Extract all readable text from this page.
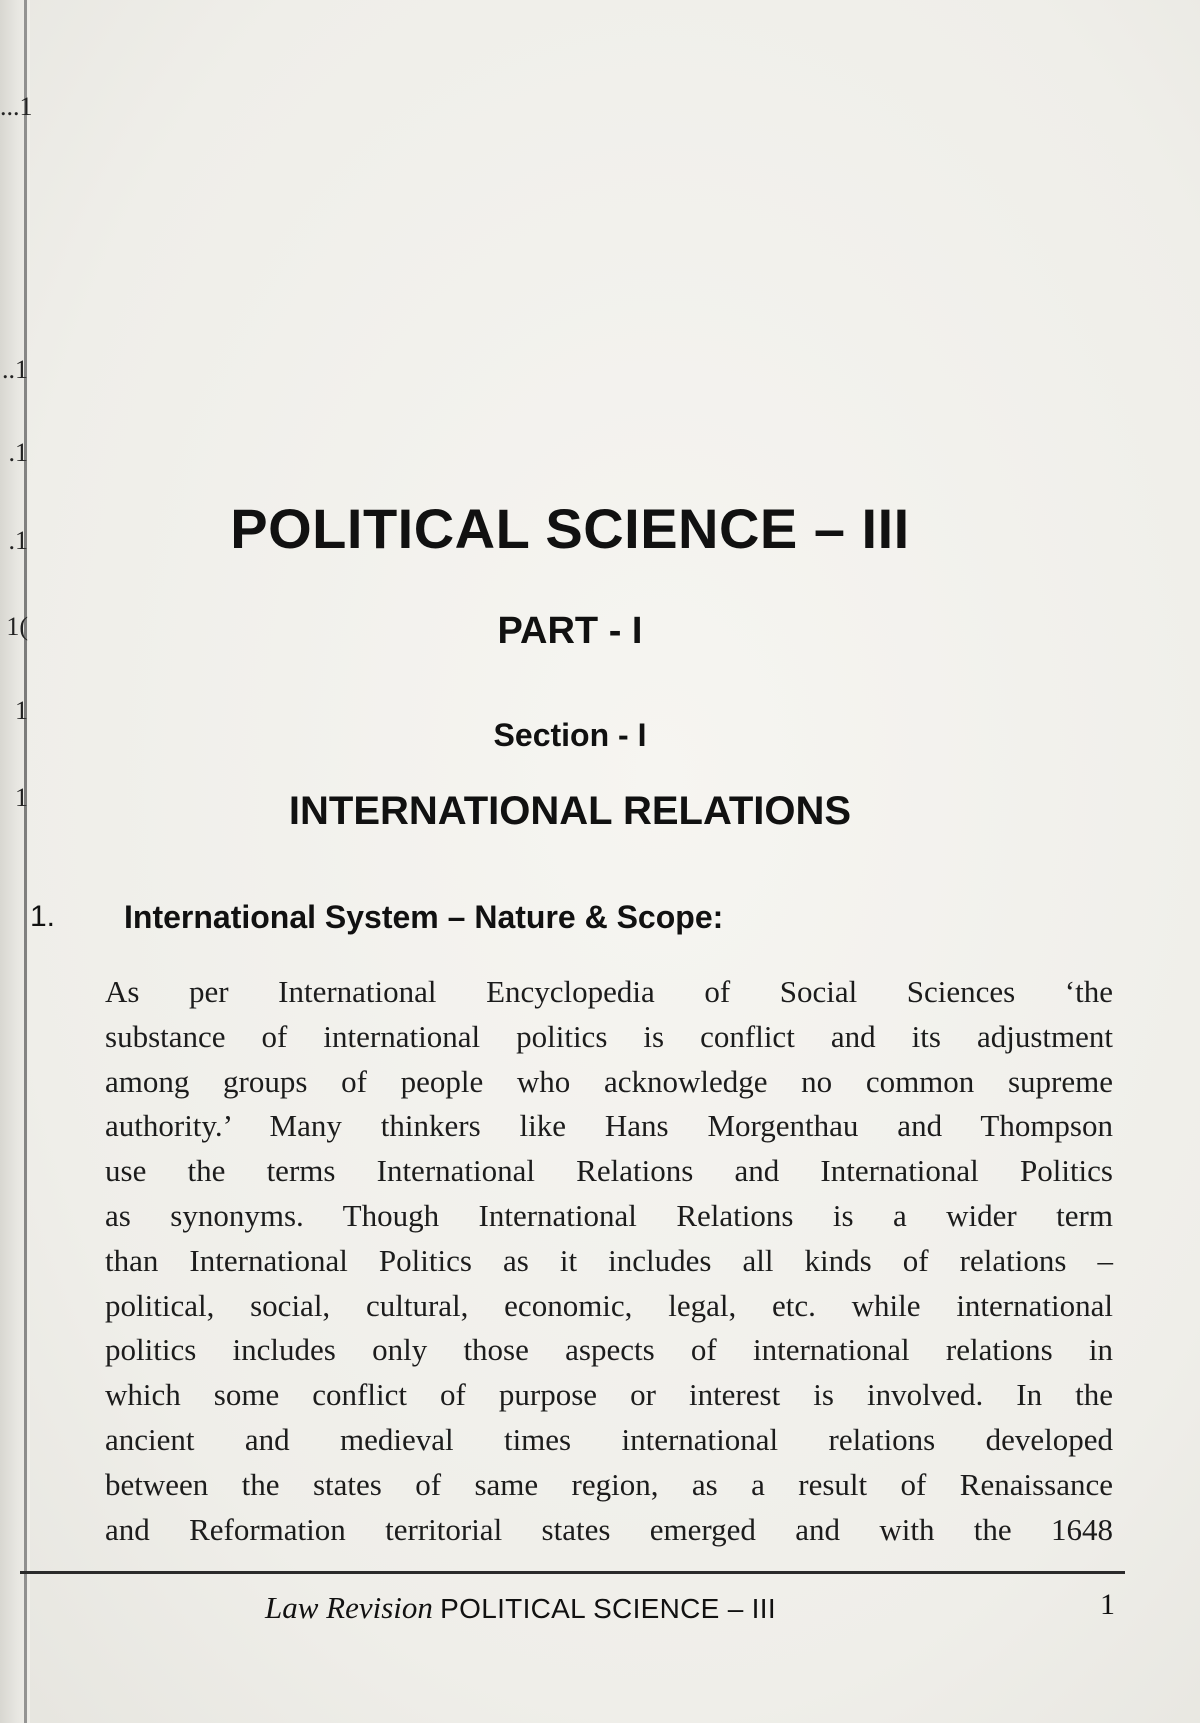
...1
..1
.1
.1
1(
1
1
POLITICAL SCIENCE – III
PART - I
Section - I
INTERNATIONAL RELATIONS
1. International System – Nature & Scope:
As per International Encyclopedia of Social Sciences ‘the
substance of international politics is conflict and its adjustment
among groups of people who acknowledge no common supreme
authority.’ Many thinkers like Hans Morgenthau and Thompson
use the terms International Relations and International Politics
as synonyms. Though International Relations is a wider term
than International Politics as it includes all kinds of relations –
political, social, cultural, economic, legal, etc. while international
politics includes only those aspects of international relations in
which some conflict of purpose or interest is involved. In the
ancient and medieval times international relations developed
between the states of same region, as a result of Renaissance
and Reformation territorial states emerged and with the 1648
Law Revision POLITICAL SCIENCE – III	1
